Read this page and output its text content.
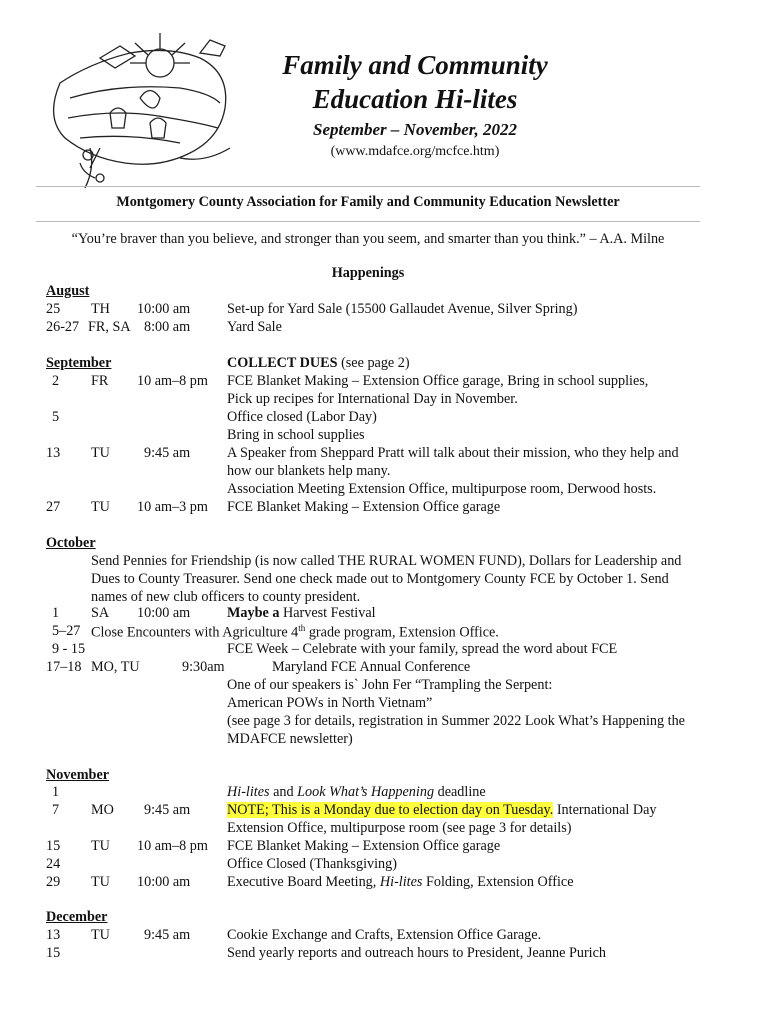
Family and Community
Education Hi-lites
September – November, 2022
(www.mdafce.org/mcfce.htm)
Montgomery County Association for Family and Community Education Newsletter
“You’re braver than you believe, and stronger than you seem, and smarter than you think.” – A.A. Milne
Happenings
August
25 TH 10:00 am	Set-up for Yard Sale (15500 Gallaudet Avenue, Silver Spring)
26-27 FR, SA 8:00 am	Yard Sale
September	COLLECT DUES (see page 2)
2 FR 10 am–8 pm FCE Blanket Making – Extension Office garage, Bring in school supplies,
Pick up recipes for International Day in November.
5	Office closed (Labor Day)
Bring in school supplies
13 TU 9:45 am	A Speaker from Sheppard Pratt will talk about their mission, who they help and
how our blankets help many.
Association Meeting Extension Office, multipurpose room, Derwood hosts.
27 TU 10 am–3 pm FCE Blanket Making – Extension Office garage
October
Send Pennies for Friendship (is now called THE RURAL WOMEN FUND), Dollars for Leadership and
Dues to County Treasurer. Send one check made out to Montgomery County FCE by October 1. Send
names of new club officers to county president.
1 SA 10:00 am	Maybe a Harvest Festival
5–27 Close Encounters with Agriculture 4th grade program, Extension Office.
9 - 15	FCE Week – Celebrate with your family, spread the word about FCE
17–18 MO, TU	9:30am	Maryland FCE Annual Conference
One of our speakers is` John Fer “Trampling the Serpent:
American POWs in North Vietnam”
(see page 3 for details, registration in Summer 2022 Look What’s Happening the
MDAFCE newsletter)
November
1	Hi-lites and Look What’s Happening deadline
7 MO 9:45 am	NOTE; This is a Monday due to election day on Tuesday. International Day
Extension Office, multipurpose room (see page 3 for details)
15 TU 10 am–8 pm FCE Blanket Making – Extension Office garage
24	Office Closed (Thanksgiving)
29 TU 10:00 am	Executive Board Meeting, Hi-lites Folding, Extension Office
December
13 TU 9:45 am	Cookie Exchange and Crafts, Extension Office Garage.
15	Send yearly reports and outreach hours to President, Jeanne Purich
